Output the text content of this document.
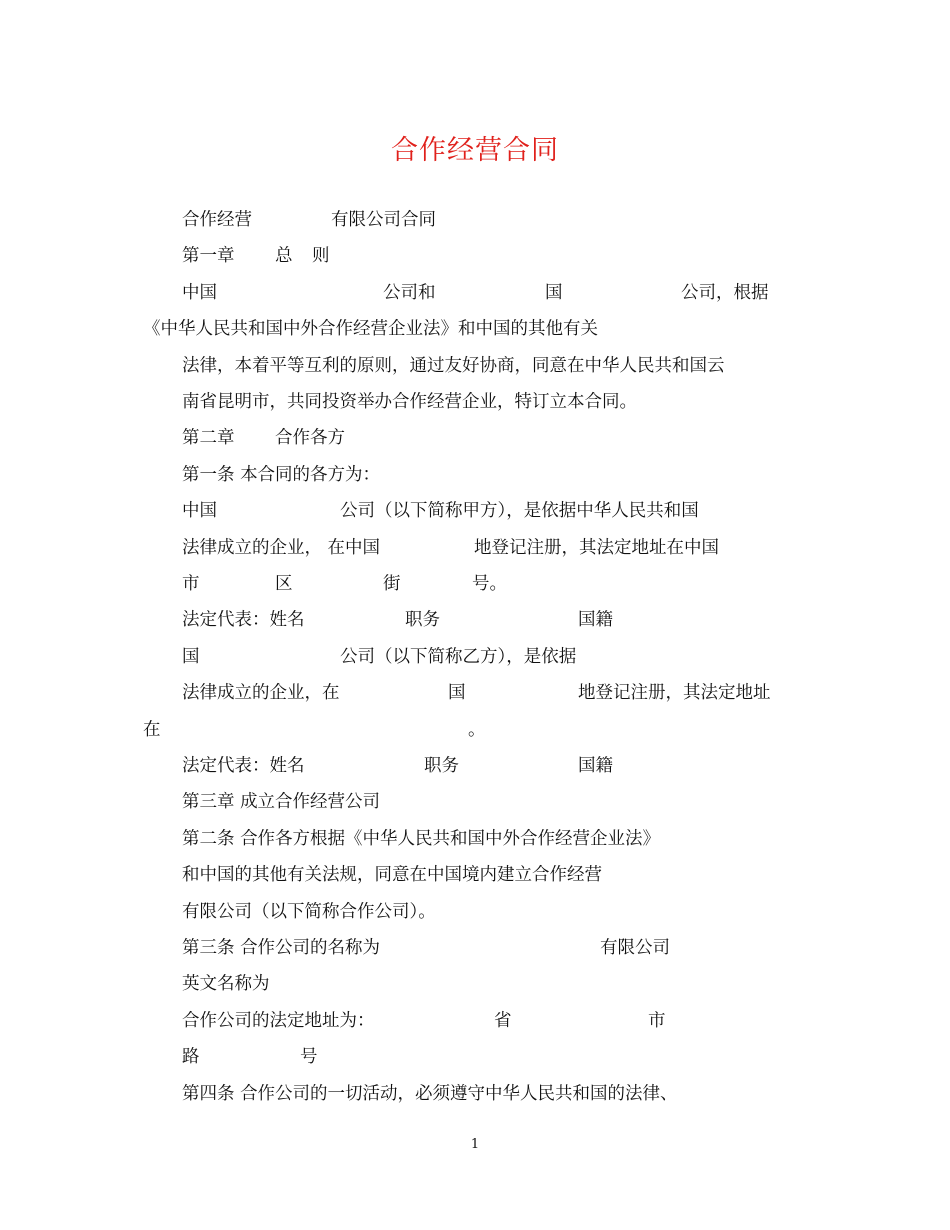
合作经营合同
合作经营	有限公司合同
第一章 总 则
中国	公司和	国	公司，根据
《中华人民共和国中外合作经营企业法》和中国的其他有关
法律，本着平等互利的原则，通过友好协商，同意在中华人民共和国云
南省昆明市，共同投资举办合作经营企业，特订立本合同。
第二章 合作各方
第一条 本合同的各方为：
中国	公司（以下简称甲方），是依据中华人民共和国
法律成立的企业， 在中国	地登记注册，其法定地址在中国
市	区	街	号。
法定代表：姓名	职务	国籍
国	公司（以下简称乙方），是依据
法律成立的企业，在	国	地登记注册，其法定地址
在	。
法定代表：姓名	职务	国籍
第三章 成立合作经营公司
第二条 合作各方根据《中华人民共和国中外合作经营企业法》
和中国的其他有关法规，同意在中国境内建立合作经营
有限公司（以下简称合作公司）。
第三条 合作公司的名称为	有限公司
英文名称为
合作公司的法定地址为：	省	市
路	号
第四条 合作公司的一切活动，必须遵守中华人民共和国的法律、
1
